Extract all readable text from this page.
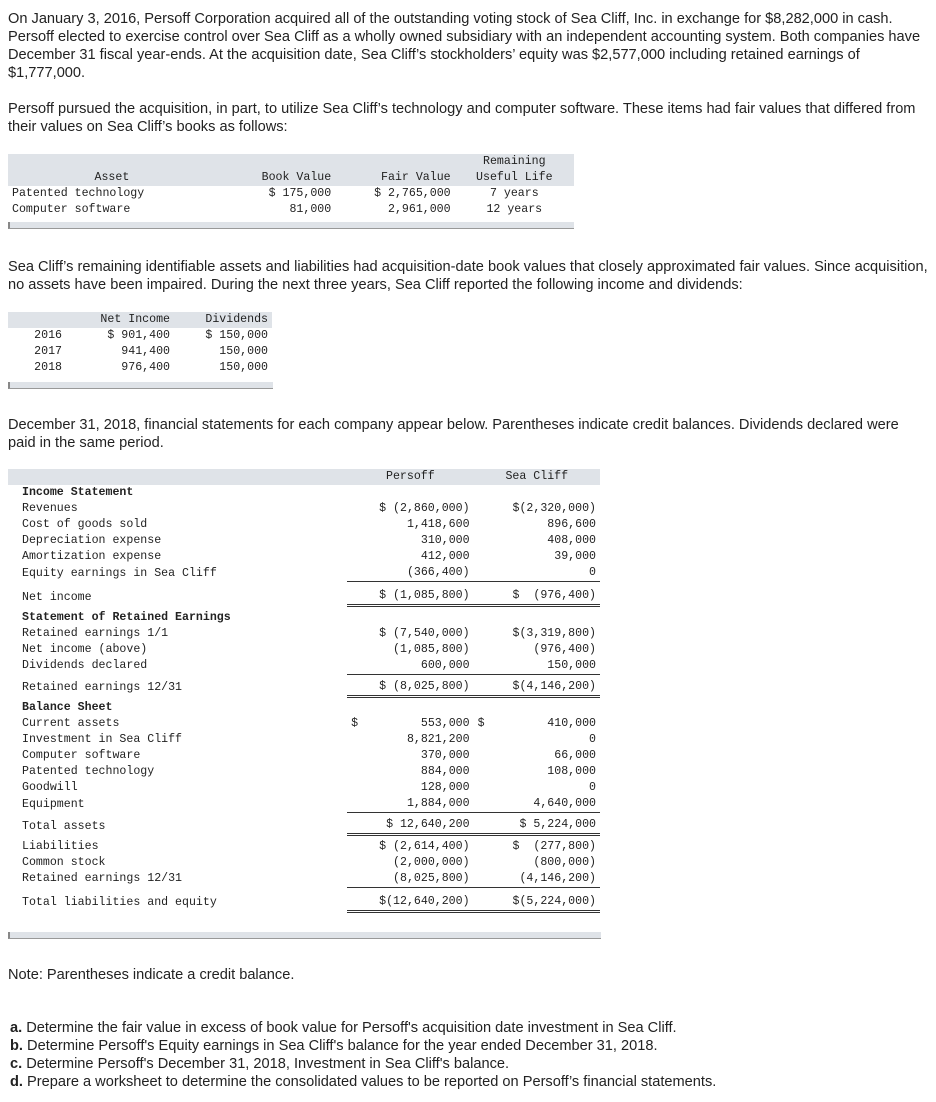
On January 3, 2016, Persoff Corporation acquired all of the outstanding voting stock of Sea Cliff, Inc. in exchange for $8,282,000 in cash. Persoff elected to exercise control over Sea Cliff as a wholly owned subsidiary with an independent accounting system. Both companies have December 31 fiscal year-ends. At the acquisition date, Sea Cliff’s stockholders’ equity was $2,577,000 including retained earnings of $1,777,000.

Persoff pursued the acquisition, in part, to utilize Sea Cliff’s technology and computer software. These items had fair values that differed from their values on Sea Cliff’s books as follows:

			Remaining
Asset	Book Value	Fair Value	Useful Life
Patented technology	$ 175,000	$ 2,765,000	7 years
Computer software	81,000	2,961,000	12 years

Sea Cliff’s remaining identifiable assets and liabilities had acquisition-date book values that closely approximated fair values. Since acquisition, no assets have been impaired. During the next three years, Sea Cliff reported the following income and dividends:

	Net Income	Dividends
2016	$ 901,400	$ 150,000
2017	941,400	150,000
2018	976,400	150,000

December 31, 2018, financial statements for each company appear below. Parentheses indicate credit balances. Dividends declared were paid in the same period.

	Persoff	Sea Cliff
Income Statement		
Revenues	$ (2,860,000)	$(2,320,000)
Cost of goods sold	1,418,600	896,600
Depreciation expense	310,000	408,000
Amortization expense	412,000	39,000
Equity earnings in Sea Cliff	(366,400)	0
Net income	$ (1,085,800)	$  (976,400)
Statement of Retained Earnings		
Retained earnings 1/1	$ (7,540,000)	$(3,319,800)
Net income (above)	(1,085,800)	(976,400)
Dividends declared	600,000	150,000
Retained earnings 12/31	$ (8,025,800)	$(4,146,200)
Balance Sheet		
Current assets	$ 553,000	$ 410,000
Investment in Sea Cliff	8,821,200	0
Computer software	370,000	66,000
Patented technology	884,000	108,000
Goodwill	128,000	0
Equipment	1,884,000	4,640,000
Total assets	$ 12,640,200	$ 5,224,000
Liabilities	$ (2,614,400)	$  (277,800)
Common stock	(2,000,000)	(800,000)
Retained earnings 12/31	(8,025,800)	(4,146,200)
Total liabilities and equity	$(12,640,200)	$(5,224,000)

Note: Parentheses indicate a credit balance.

a. Determine the fair value in excess of book value for Persoff's acquisition date investment in Sea Cliff.
b. Determine Persoff's Equity earnings in Sea Cliff's balance for the year ended December 31, 2018.
c. Determine Persoff's December 31, 2018, Investment in Sea Cliff's balance.
d. Prepare a worksheet to determine the consolidated values to be reported on Persoff’s financial statements.
